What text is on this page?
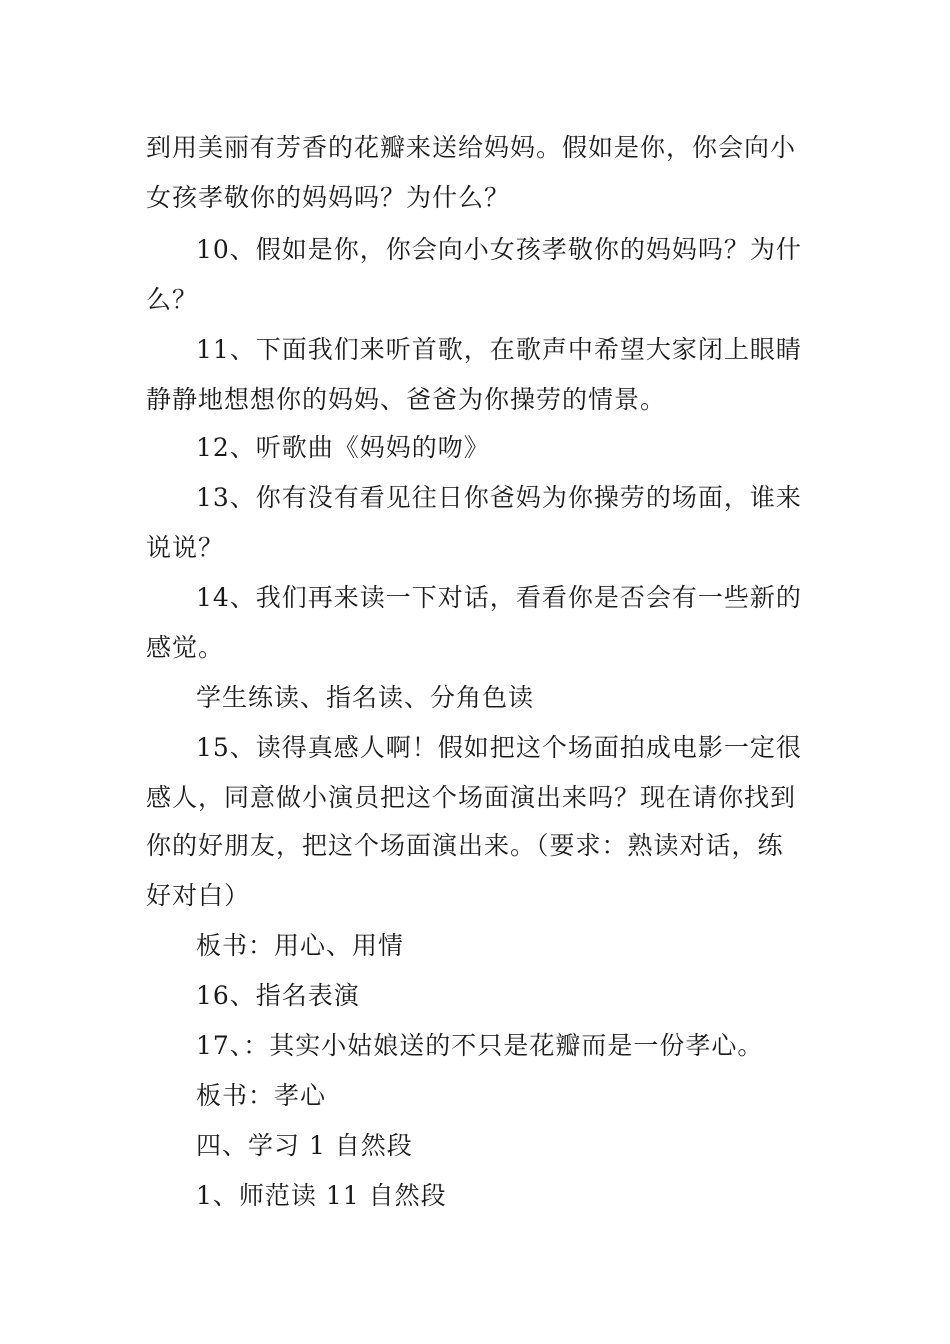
到用美丽有芳香的花瓣来送给妈妈。假如是你，你会向小
女孩孝敬你的妈妈吗？为什么？
10、假如是你，你会向小女孩孝敬你的妈妈吗？为什
么？
11、下面我们来听首歌，在歌声中希望大家闭上眼睛
静静地想想你的妈妈、爸爸为你操劳的情景。
12、听歌曲《妈妈的吻》
13、你有没有看见往日你爸妈为你操劳的场面，谁来
说说？
14、我们再来读一下对话，看看你是否会有一些新的
感觉。
学生练读、指名读、分角色读
15、读得真感人啊！假如把这个场面拍成电影一定很
感人，同意做小演员把这个场面演出来吗？现在请你找到
你的好朋友，把这个场面演出来。（要求：熟读对话，练
好对白）
板书：用心、用情
16、指名表演
17、：其实小姑娘送的不只是花瓣而是一份孝心。
板书：孝心
四、学习 1 自然段
1、师范读 11 自然段
